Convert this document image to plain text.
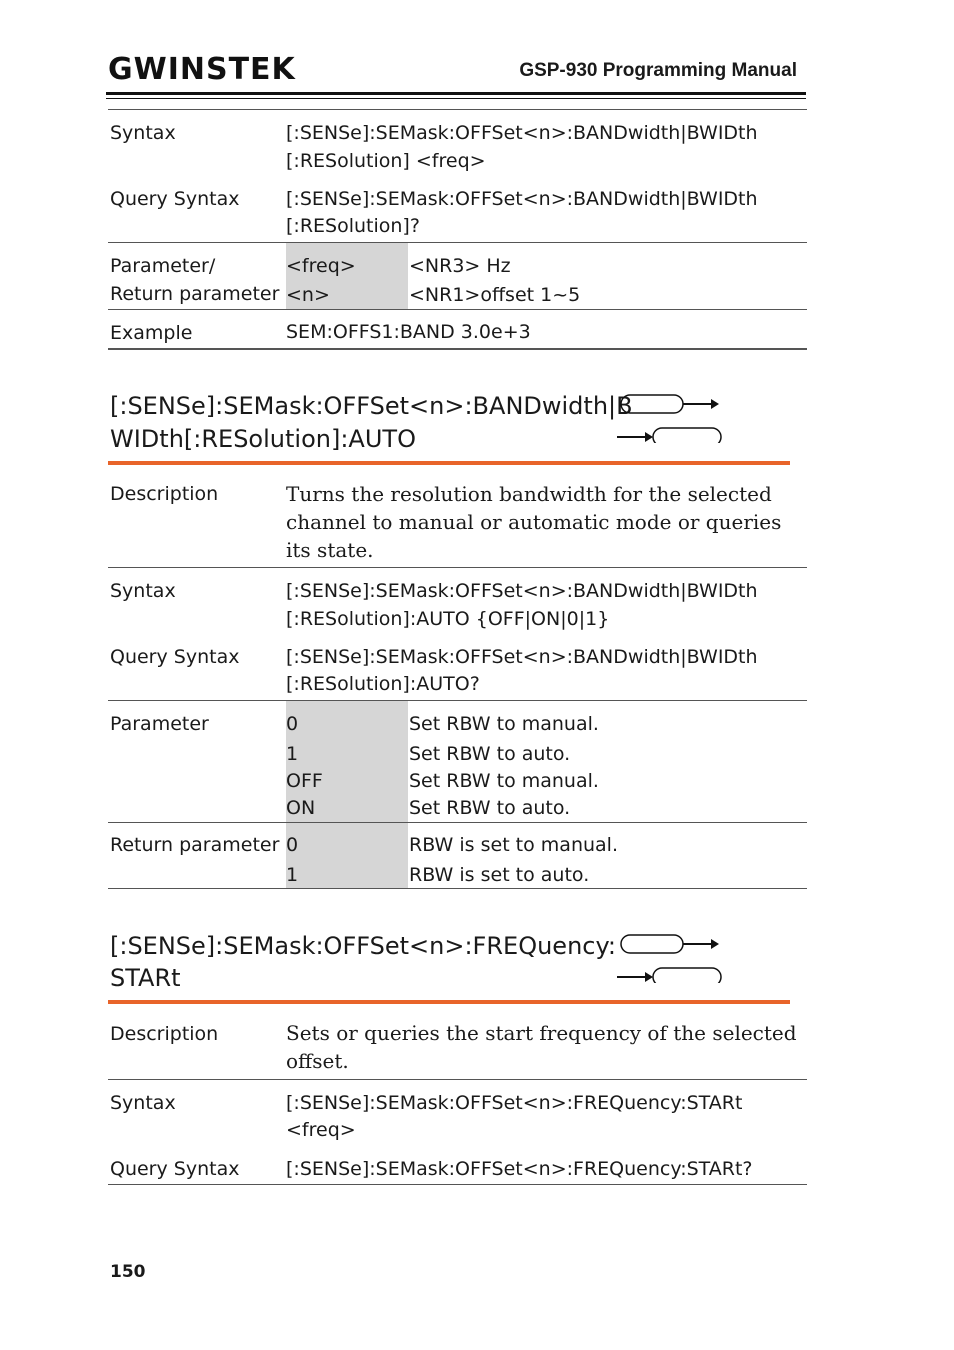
GWINSTEK	GSP-930 Programming Manual
Syntax	[:SENSe]:SEMask:OFFSet<n>:BANDwidth|BWIDth
[:RESolution] <freq>
Query Syntax [:SENSe]:SEMask:OFFSet<n>:BANDwidth|BWIDth
[:RESolution]?
Parameter/
Return parameter
<freq>	<NR3> Hz
<n>	<NR1>offset 1~5
Example	SEM:OFFS1:BAND 3.0e+3
[:SENSe]:SEMask:OFFSet<n>:BANDwidth|B
WIDth[:RESolution]:AUTO
Description	Turns the resolution bandwidth for the selected
channel to manual or automatic mode or queries
its state.
Syntax	[:SENSe]:SEMask:OFFSet<n>:BANDwidth|BWIDth
[:RESolution]:AUTO {OFF|ON|0|1}
Query Syntax [:SENSe]:SEMask:OFFSet<n>:BANDwidth|BWIDth
[:RESolution]:AUTO?
Parameter	0	Set RBW to manual.
1	Set RBW to auto.
OFF	Set RBW to manual.
ON	Set RBW to auto.
Return parameter 0	RBW is set to manual.
1	RBW is set to auto.
[:SENSe]:SEMask:OFFSet<n>:FREQuency:
STARt
Description	Sets or queries the start frequency of the selected
offset.
Syntax	[:SENSe]:SEMask:OFFSet<n>:FREQuency:STARt
<freq>
Query Syntax [:SENSe]:SEMask:OFFSet<n>:FREQuency:STARt?
150
